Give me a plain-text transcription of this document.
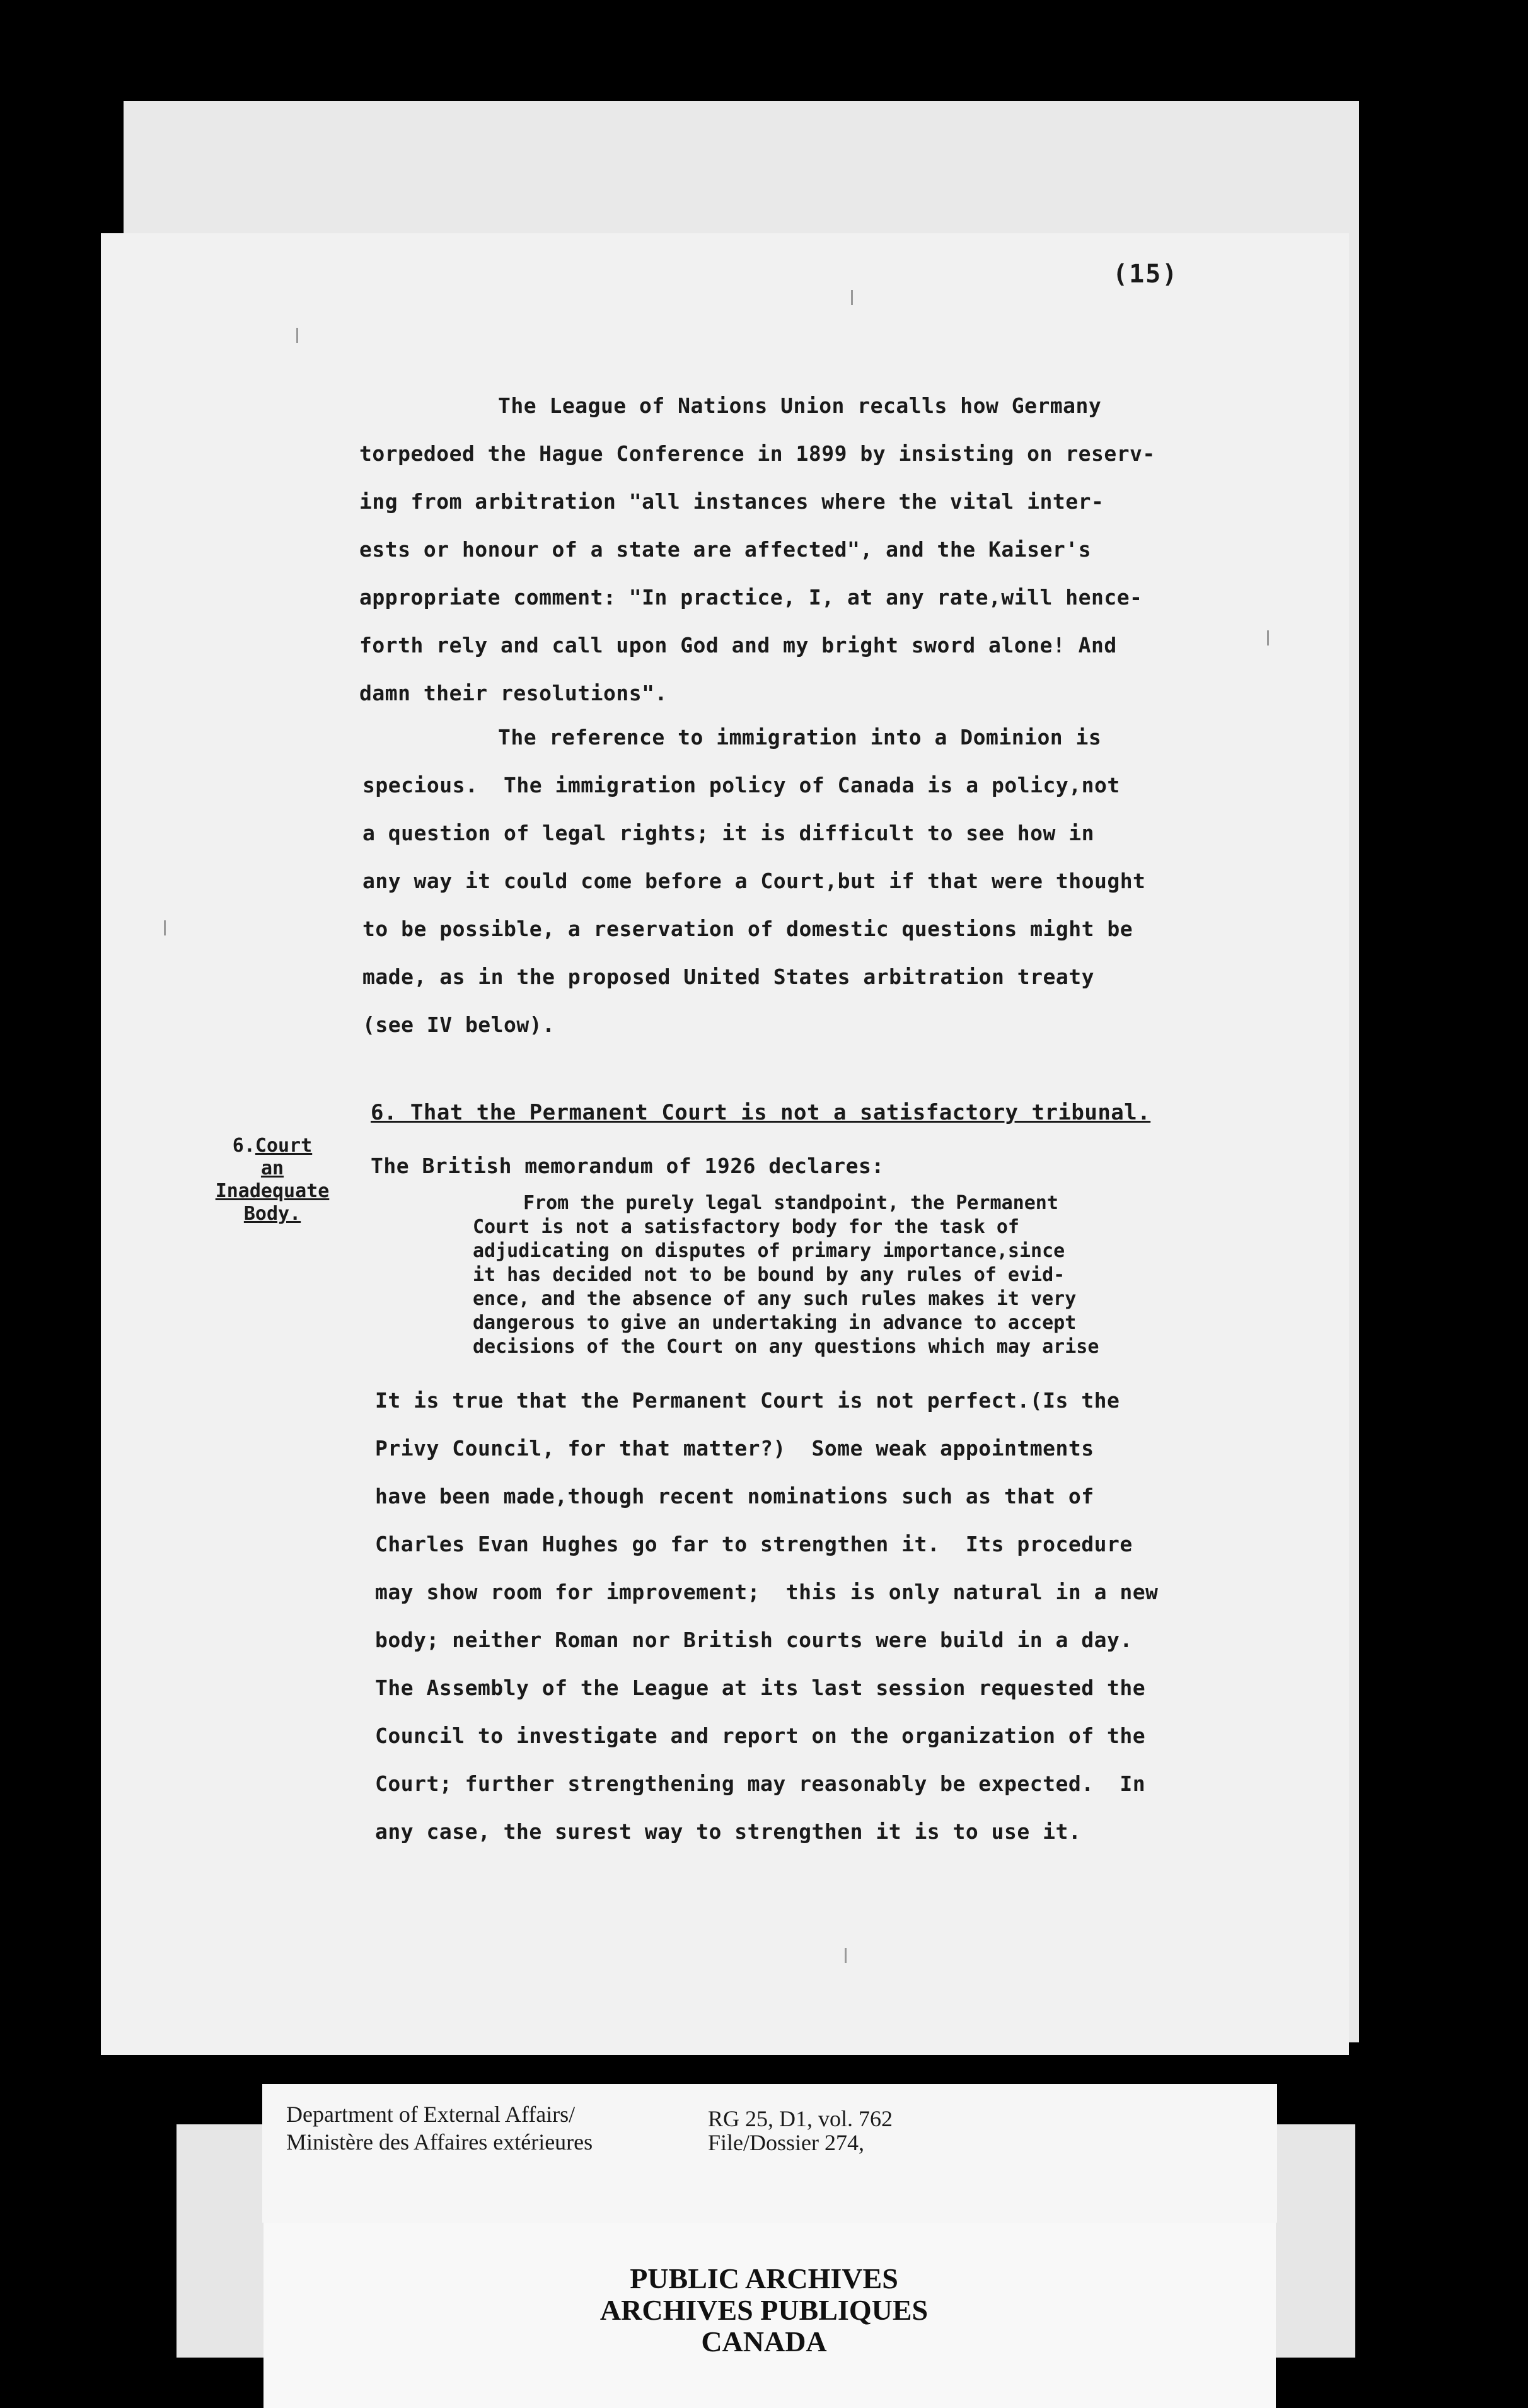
(15)

The League of Nations Union recalls how Germany

torpedoed the Hague Conference in 1899 by insisting on reserv-

ing from arbitration "all instances where the vital inter-

ests or honour of a state are affected", and the Kaiser's

appropriate comment: "In practice, I, at any rate,will hence-

forth rely and call upon God and my bright sword alone! And

damn their resolutions".

The reference to immigration into a Dominion is

specious.  The immigration policy of Canada is a policy,not

a question of legal rights; it is difficult to see how in

any way it could come before a Court,but if that were thought

to be possible, a reservation of domestic questions might be

made, as in the proposed United States arbitration treaty

(see IV below).

6. That the Permanent Court is not a satisfactory tribunal.

6.Court
an
Inadequate
Body.

The British memorandum of 1926 declares:

From the purely legal standpoint, the Permanent

Court is not a satisfactory body for the task of

adjudicating on disputes of primary importance,since

it has decided not to be bound by any rules of evid-

ence, and the absence of any such rules makes it very

dangerous to give an undertaking in advance to accept

decisions of the Court on any questions which may arise

It is true that the Permanent Court is not perfect.(Is the

Privy Council, for that matter?)  Some weak appointments

have been made,though recent nominations such as that of

Charles Evan Hughes go far to strengthen it.  Its procedure

may show room for improvement;  this is only natural in a new

body; neither Roman nor British courts were build in a day.

The Assembly of the League at its last session requested the

Council to investigate and report on the organization of the

Court; further strengthening may reasonably be expected.  In

any case, the surest way to strengthen it is to use it.

Department of External Affairs/
Ministère des Affaires extérieures
RG 25, D1, vol. 762
File/Dossier 274,
PUBLIC ARCHIVES
ARCHIVES PUBLIQUES
CANADA
